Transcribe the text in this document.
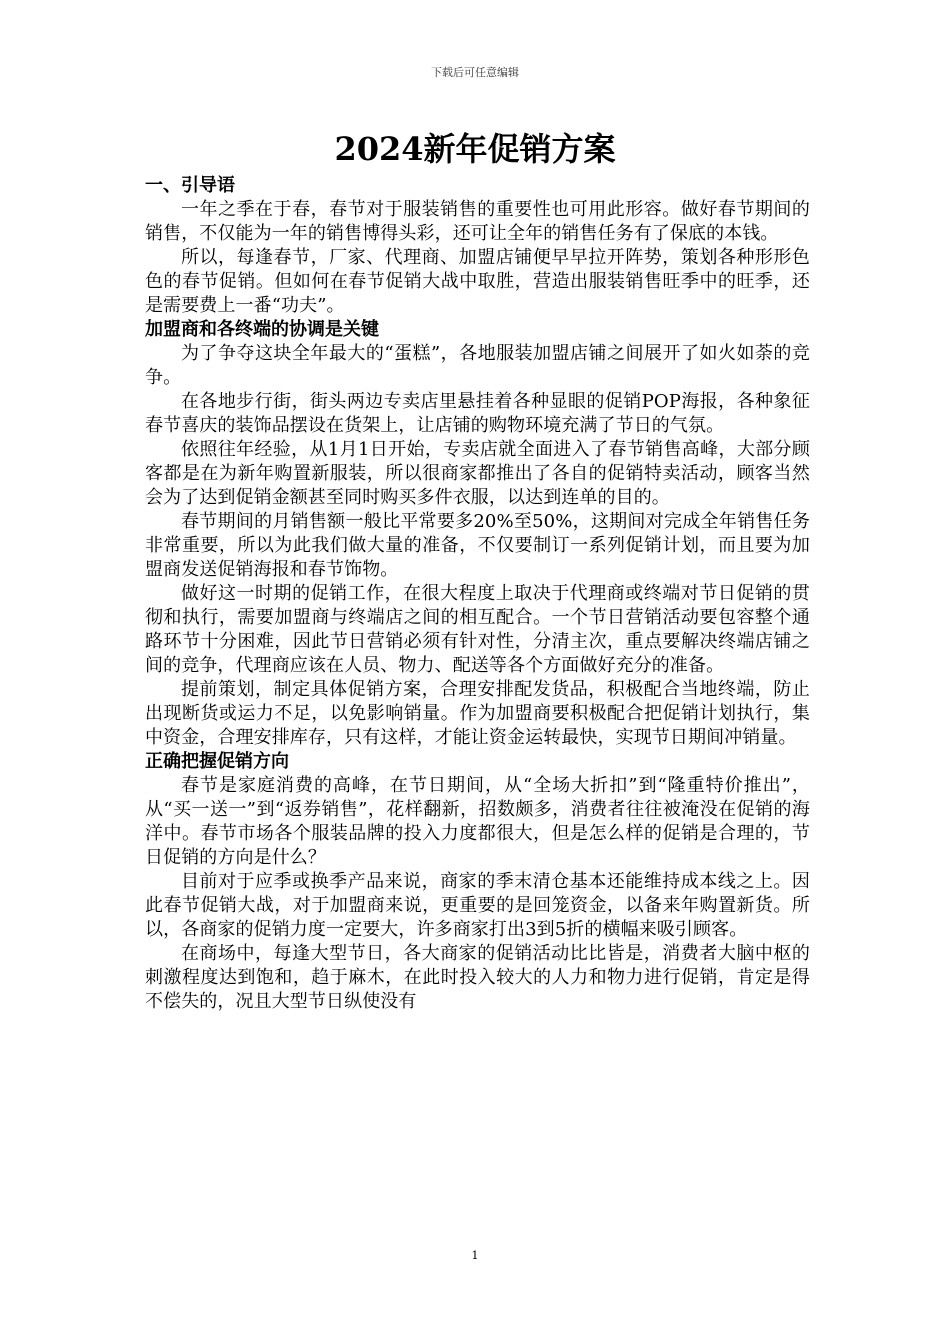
下载后可任意编辑
2024新年促销方案

一、引导语

一年之季在于春，春节对于服装销售的重要性也可用此形容。做好春节期间的销售，不仅能为一年的销售博得头彩，还可让全年的销售任务有了保底的本钱。

所以，每逢春节，厂家、代理商、加盟店铺便早早拉开阵势，策划各种形形色色的春节促销。但如何在春节促销大战中取胜，营造出服装销售旺季中的旺季，还是需要费上一番“功夫”。

加盟商和各终端的协调是关键

为了争夺这块全年最大的“蛋糕”，各地服装加盟店铺之间展开了如火如荼的竞争。

在各地步行街，街头两边专卖店里悬挂着各种显眼的促销POP海报，各种象征春节喜庆的装饰品摆设在货架上，让店铺的购物环境充满了节日的气氛。

依照往年经验，从1月1日开始，专卖店就全面进入了春节销售高峰，大部分顾客都是在为新年购置新服装，所以很商家都推出了各自的促销特卖活动，顾客当然会为了达到促销金额甚至同时购买多件衣服，以达到连单的目的。

春节期间的月销售额一般比平常要多20%至50%，这期间对完成全年销售任务非常重要，所以为此我们做大量的准备，不仅要制订一系列促销计划，而且要为加盟商发送促销海报和春节饰物。

做好这一时期的促销工作，在很大程度上取决于代理商或终端对节日促销的贯彻和执行，需要加盟商与终端店之间的相互配合。一个节日营销活动要包容整个通路环节十分困难，因此节日营销必须有针对性，分清主次，重点要解决终端店铺之间的竞争，代理商应该在人员、物力、配送等各个方面做好充分的准备。

提前策划，制定具体促销方案，合理安排配发货品，积极配合当地终端，防止出现断货或运力不足，以免影响销量。作为加盟商要积极配合把促销计划执行，集中资金，合理安排库存，只有这样，才能让资金运转最快，实现节日期间冲销量。

正确把握促销方向

春节是家庭消费的高峰，在节日期间，从“全场大折扣”到“隆重特价推出”，从“买一送一”到“返券销售”，花样翻新，招数颇多，消费者往往被淹没在促销的海洋中。春节市场各个服装品牌的投入力度都很大，但是怎么样的促销是合理的，节日促销的方向是什么？

目前对于应季或换季产品来说，商家的季末清仓基本还能维持成本线之上。因此春节促销大战，对于加盟商来说，更重要的是回笼资金，以备来年购置新货。所以，各商家的促销力度一定要大，许多商家打出3到5折的横幅来吸引顾客。

在商场中，每逢大型节日，各大商家的促销活动比比皆是，消费者大脑中枢的刺激程度达到饱和，趋于麻木，在此时投入较大的人力和物力进行促销，肯定是得不偿失的，况且大型节日纵使没有

1
